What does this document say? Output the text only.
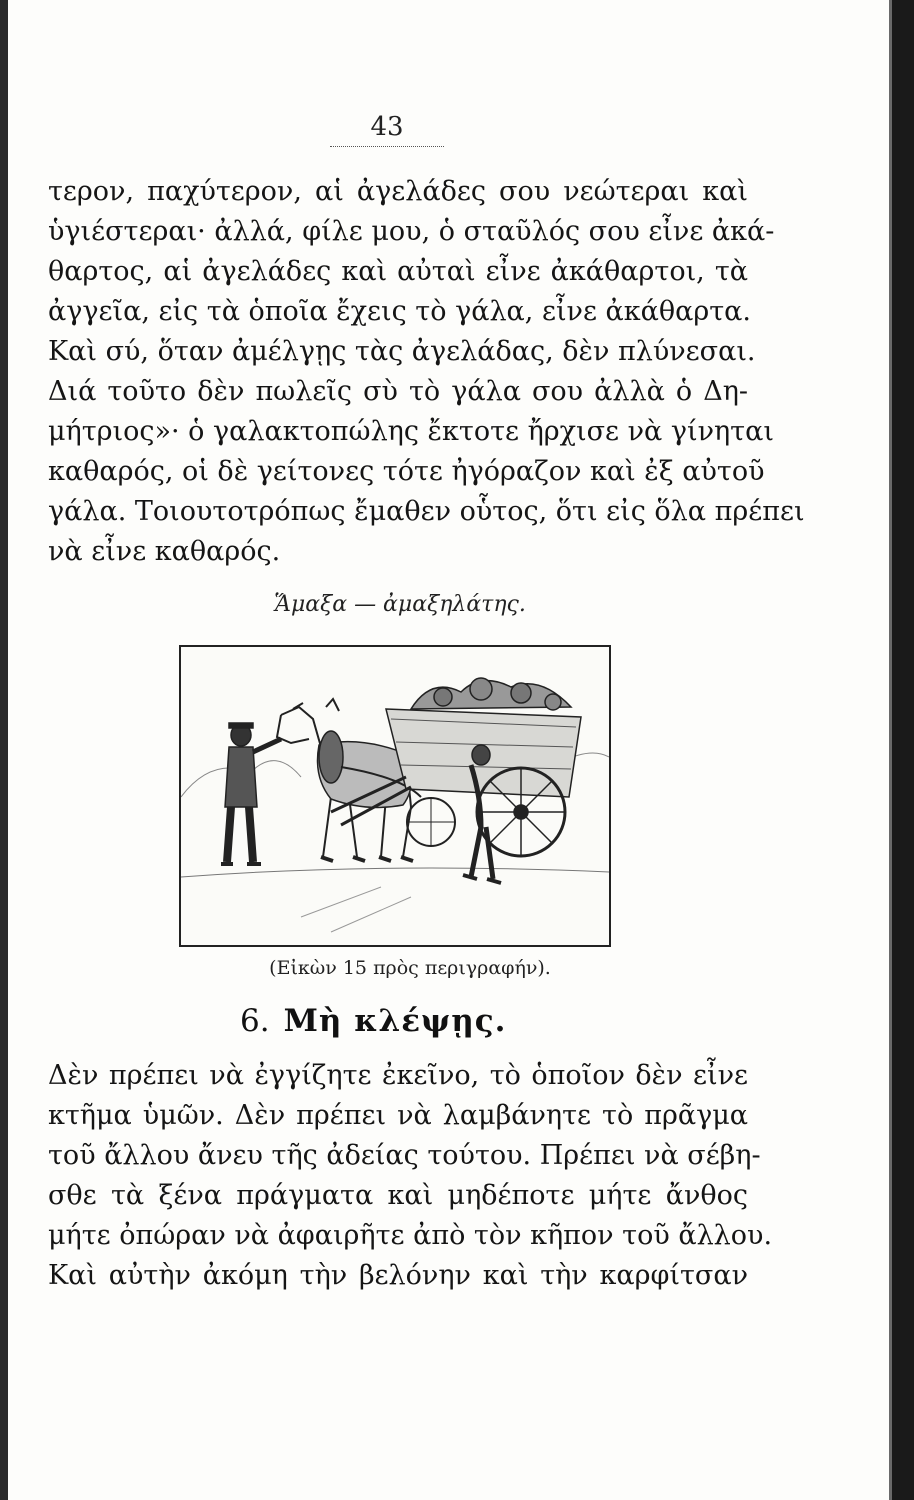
43
τερον, παχύτερον, αἱ ἀγελάδες σου νεώτεραι καὶ
ὑγιέστεραι· ἀλλά, φίλε μου, ὁ σταῦλός σου εἶνε ἀκά-
θαρτος, αἱ ἀγελάδες καὶ αὐταὶ εἶνε ἀκάθαρτοι, τὰ
ἀγγεῖα, εἰς τὰ ὁποῖα ἔχεις τὸ γάλα, εἶνε ἀκάθαρτα.
Καὶ σύ, ὅταν ἀμέλγῃς τὰς ἀγελάδας, δὲν πλύνεσαι.
Διά τοῦτο δὲν πωλεῖς σὺ τὸ γάλα σου ἀλλὰ ὁ Δη-
μήτριος»· ὁ γαλακτοπώλης ἔκτοτε ἤρχισε νὰ γίνηται
καθαρός, οἱ δὲ γείτονες τότε ἠγόραζον καὶ ἐξ αὐτοῦ
γάλα. Τοιουτοτρόπως ἔμαθεν οὗτος, ὅτι εἰς ὅλα πρέπει
νὰ εἶνε καθαρός.
Ἅμαξα — ἀμαξηλάτης.
(Εἰκὼν 15 πρὸς περιγραφήν).
6. Μὴ κλέψῃς.
Δὲν πρέπει νὰ ἐγγίζητε ἐκεῖνο, τὸ ὁποῖον δὲν εἶνε
κτῆμα ὑμῶν. Δὲν πρέπει νὰ λαμβάνητε τὸ πρᾶγμα
τοῦ ἄλλου ἄνευ τῆς ἀδείας τούτου. Πρέπει νὰ σέβη-
σθε τὰ ξένα πράγματα καὶ μηδέποτε μήτε ἄνθος
μήτε ὀπώραν νὰ ἀφαιρῆτε ἀπὸ τὸν κῆπον τοῦ ἄλλου.
Καὶ αὐτὴν ἀκόμη τὴν βελόνην καὶ τὴν καρφίτσαν
